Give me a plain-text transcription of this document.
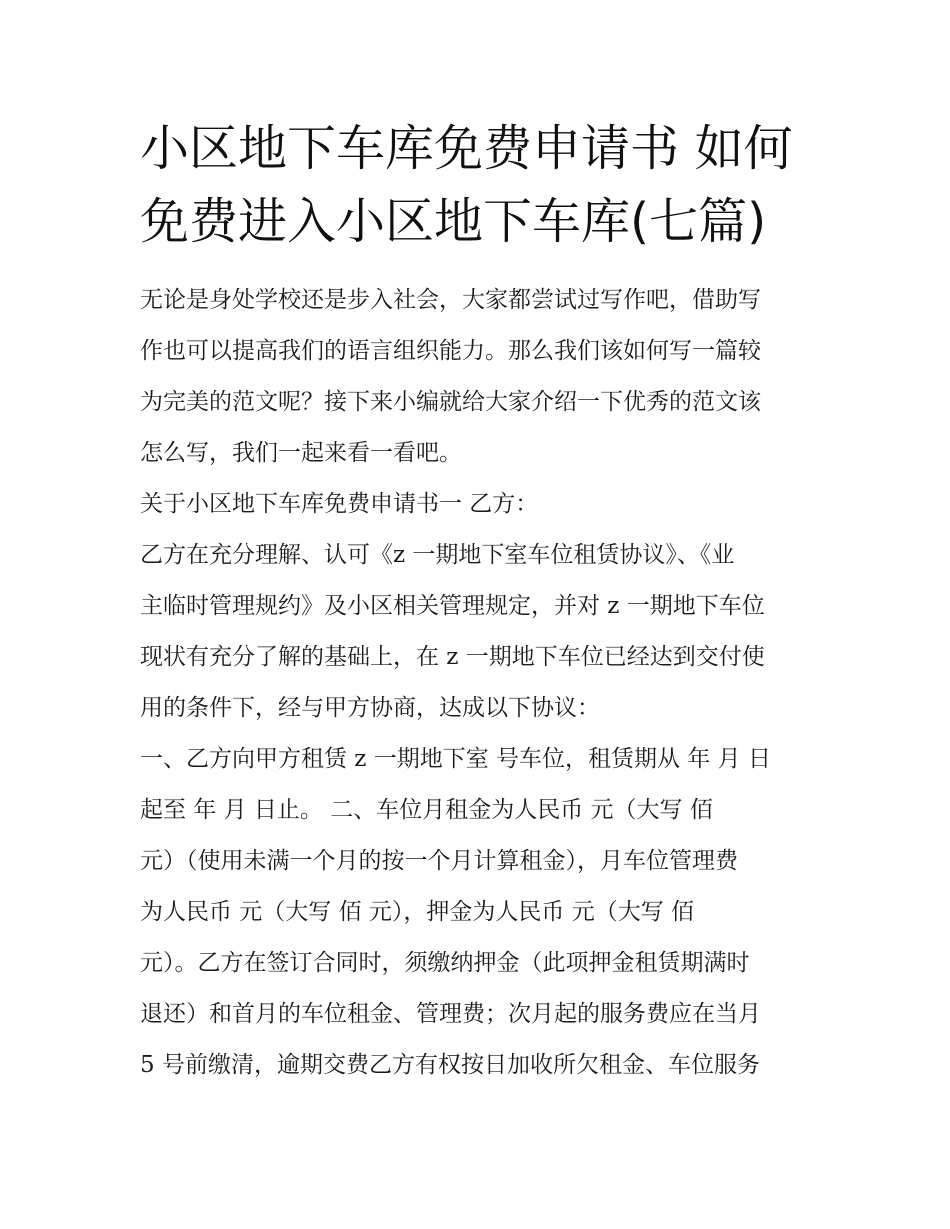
小区地下车库免费申请书 如何
免费进入小区地下车库(七篇)
无论是身处学校还是步入社会，大家都尝试过写作吧，借助写
作也可以提高我们的语言组织能力。那么我们该如何写一篇较
为完美的范文呢？接下来小编就给大家介绍一下优秀的范文该
怎么写，我们一起来看一看吧。
关于小区地下车库免费申请书一 乙方：
乙方在充分理解、认可《z 一期地下室车位租赁协议》、《业
主临时管理规约》及小区相关管理规定，并对 z 一期地下车位
现状有充分了解的基础上，在 z 一期地下车位已经达到交付使
用的条件下，经与甲方协商，达成以下协议：
一、乙方向甲方租赁 z 一期地下室 号车位，租赁期从 年 月 日
起至 年 月 日止。 二、车位月租金为人民币 元（大写 佰
元）（使用未满一个月的按一个月计算租金），月车位管理费
为人民币 元（大写 佰 元），押金为人民币 元（大写 佰
元）。乙方在签订合同时，须缴纳押金（此项押金租赁期满时
退还）和首月的车位租金、管理费；次月起的服务费应在当月
5 号前缴清，逾期交费乙方有权按日加收所欠租金、车位服务
